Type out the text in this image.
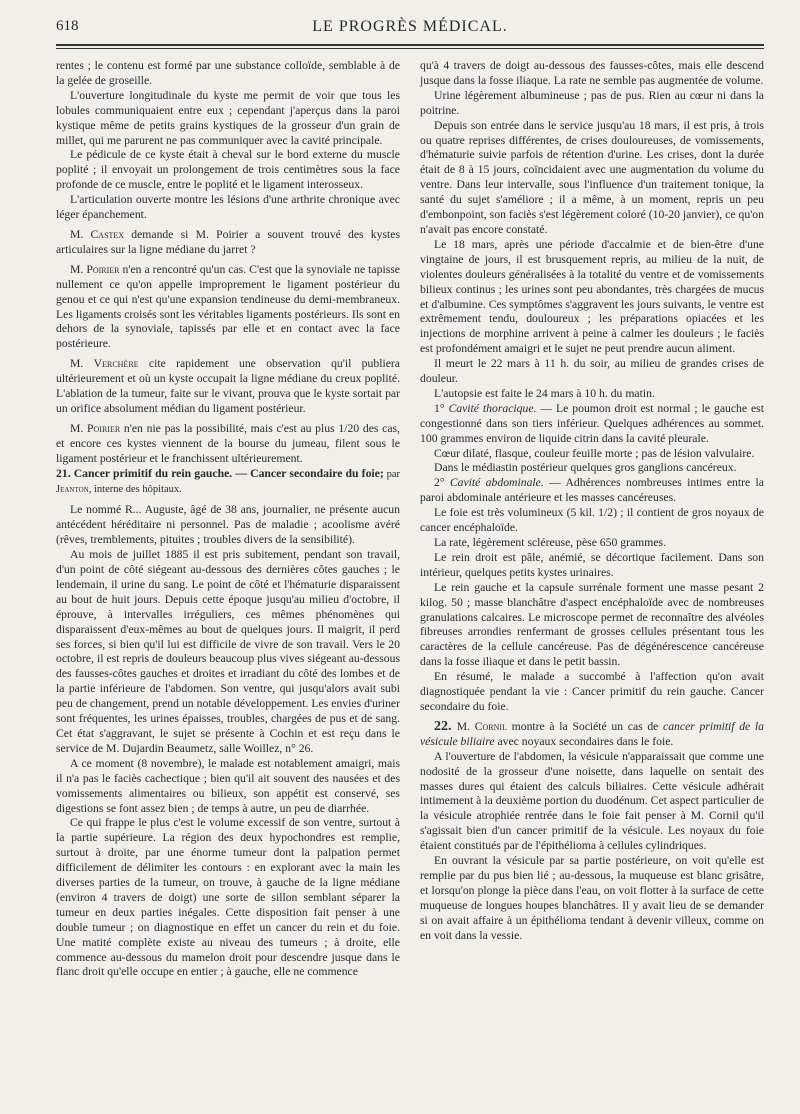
618	LE PROGRÈS MÉDICAL.

rentes ; le contenu est formé par une substance colloïde, semblable à de la gelée de groseille.

L'ouverture longitudinale du kyste me permit de voir que tous les lobules communiquaient entre eux ; cependant j'aperçus dans la paroi kystique même de petits grains kystiques de la grosseur d'un grain de millet, qui me parurent ne pas communiquer avec la cavité principale.

Le pédicule de ce kyste était à cheval sur le bord externe du muscle poplité ; il envoyait un prolongement de trois centimètres sous la face profonde de ce muscle, entre le poplité et le ligament interosseux.

L'articulation ouverte montre les lésions d'une arthrite chronique avec léger épanchement.

M. Castex demande si M. Poirier a souvent trouvé des kystes articulaires sur la ligne médiane du jarret ?

M. Poirier n'en a rencontré qu'un cas. C'est que la synoviale ne tapisse nullement ce qu'on appelle improprement le ligament postérieur du genou et ce qui n'est qu'une expansion tendineuse du demi-membraneux. Les ligaments croisés sont les véritables ligaments postérieurs. Ils sont en dehors de la synoviale, tapissés par elle et en contact avec la face postérieure.

M. Verchère cite rapidement une observation qu'il publiera ultérieurement et où un kyste occupait la ligne médiane du creux poplité. L'ablation de la tumeur, faite sur le vivant, prouva que le kyste sortait par un orifice absolument médian du ligament postérieur.

M. Poirier n'en nie pas la possibilité, mais c'est au plus 1/20 des cas, et encore ces kystes viennent de la bourse du jumeau, filent sous le ligament postérieur et le franchissent ultérieurement.

21. Cancer primitif du rein gauche. — Cancer secondaire du foie; par Jeanton, interne des hôpitaux.

Le nommé R... Auguste, âgé de 38 ans, journalier, ne présente aucun antécédent héréditaire ni personnel. Pas de maladie ; acoolisme avéré (rêves, tremblements, pituites ; troubles divers de la sensibilité).

Au mois de juillet 1885 il est pris subitement, pendant son travail, d'un point de côté siégeant au-dessous des dernières côtes gauches ; le lendemain, il urine du sang. Le point de côté et l'hématurie disparaissent au bout de huit jours. Depuis cette époque jusqu'au milieu d'octobre, il éprouve, à intervalles irréguliers, ces mêmes phénomènes qui disparaissent d'eux-mêmes au bout de quelques jours. Il maigrit, il perd ses forces, si bien qu'il lui est difficile de vivre de son travail. Vers le 20 octobre, il est repris de douleurs beaucoup plus vives siégeant au-dessous des fausses-côtes gauches et droites et irradiant du côté des lombes et de la partie inférieure de l'abdomen. Son ventre, qui jusqu'alors avait subi peu de changement, prend un notable développement. Les envies d'uriner sont fréquentes, les urines épaisses, troubles, chargées de pus et de sang. Cet état s'aggravant, le sujet se présente à Cochin et est reçu dans le service de M. Dujardin Beaumetz, salle Woillez, n° 26.

A ce moment (8 novembre), le malade est notablement amaigri, mais il n'a pas le faciès cachectique ; bien qu'il ait souvent des nausées et des vomissements alimentaires ou bilieux, son appétit est conservé, ses digestions se font assez bien ; de temps à autre, un peu de diarrhée.

Ce qui frappe le plus c'est le volume excessif de son ventre, surtout à la partie supérieure. La région des deux hypochondres est remplie, surtout à droite, par une énorme tumeur dont la palpation permet difficilement de délimiter les contours : en explorant avec la main les diverses parties de la tumeur, on trouve, à gauche de la ligne médiane (environ 4 travers de doigt) une sorte de sillon semblant séparer la tumeur en deux parties inégales. Cette disposition fait penser à une double tumeur ; on diagnostique en effet un cancer du rein et du foie. Une matité complète existe au niveau des tumeurs ; à droite, elle commence au-dessous du mamelon droit pour descendre jusque dans le flanc droit qu'elle occupe en entier ; à gauche, elle ne commence

qu'à 4 travers de doigt au-dessous des fausses-côtes, mais elle descend jusque dans la fosse iliaque. La rate ne semble pas augmentée de volume.

Urine légèrement albumineuse ; pas de pus. Rien au cœur ni dans la poitrine.

Depuis son entrée dans le service jusqu'au 18 mars, il est pris, à trois ou quatre reprises différentes, de crises douloureuses, de vomissements, d'hématurie suivie parfois de rétention d'urine. Les crises, dont la durée était de 8 à 15 jours, coïncidaient avec une augmentation du volume du ventre. Dans leur intervalle, sous l'influence d'un traitement tonique, la santé du sujet s'améliore ; il a même, à un moment, repris un peu d'embonpoint, son faciès s'est légèrement coloré (10-20 janvier), ce qu'on n'avait pas encore constaté.

Le 18 mars, après une période d'accalmie et de bien-être d'une vingtaine de jours, il est brusquement repris, au milieu de la nuit, de violentes douleurs généralisées à la totalité du ventre et de vomissements bilieux continus ; les urines sont peu abondantes, très chargées de mucus et d'albumine. Ces symptômes s'aggravent les jours suivants, le ventre est extrêmement tendu, douloureux ; les préparations opiacées et les injections de morphine arrivent à peine à calmer les douleurs ; le faciès est profondément amaigri et le sujet ne peut prendre aucun aliment.

Il meurt le 22 mars à 11 h. du soir, au milieu de grandes crises de douleur.

L'autopsie est faite le 24 mars à 10 h. du matin.

1° Cavité thoracique. — Le poumon droit est normal ; le gauche est congestionné dans son tiers inférieur. Quelques adhérences au sommet. 100 grammes environ de liquide citrin dans la cavité pleurale.

Cœur dilaté, flasque, couleur feuille morte ; pas de lésion valvulaire.

Dans le médiastin postérieur quelques gros ganglions cancéreux.

2° Cavité abdominale. — Adhérences nombreuses intimes entre la paroi abdominale antérieure et les masses cancéreuses.

Le foie est très volumineux (5 kil. 1/2) ; il contient de gros noyaux de cancer encéphaloïde.

La rate, légèrement scléreuse, pèse 650 grammes.

Le rein droit est pâle, anémié, se décortique facilement. Dans son intérieur, quelques petits kystes urinaires.

Le rein gauche et la capsule surrénale forment une masse pesant 2 kilog. 50 ; masse blanchâtre d'aspect encéphaloïde avec de nombreuses granulations calcaires. Le microscope permet de reconnaître des alvéoles fibreuses arrondies renfermant de grosses cellules présentant tous les caractères de la cellule cancéreuse. Pas de dégénérescence cancéreuse dans la fosse iliaque et dans le petit bassin.

En résumé, le malade a succombé à l'affection qu'on avait diagnostiquée pendant la vie : Cancer primitif du rein gauche. Cancer secondaire du foie.

22. M. Cornil montre à la Société un cas de cancer primitif de la vésicule biliaire avec noyaux secondaires dans le foie.

A l'ouverture de l'abdomen, la vésicule n'apparaissait que comme une nodosité de la grosseur d'une noisette, dans laquelle on sentait des masses dures qui étaient des calculs biliaires. Cette vésicule adhérait intimement à la deuxième portion du duodénum. Cet aspect particulier de la vésicule atrophiée rentrée dans le foie fait penser à M. Cornil qu'il s'agissait bien d'un cancer primitif de la vésicule. Les noyaux du foie étaient constitués par de l'épithélioma à cellules cylindriques.

En ouvrant la vésicule par sa partie postérieure, on voit qu'elle est remplie par du pus bien lié ; au-dessous, la muqueuse est blanc grisâtre, et lorsqu'on plonge la pièce dans l'eau, on voit flotter à la surface de cette muqueuse de longues houpes blanchâtres. Il y avait lieu de se demander si on avait affaire à un épithélioma tendant à devenir villeux, comme on en voit dans la vessie.
